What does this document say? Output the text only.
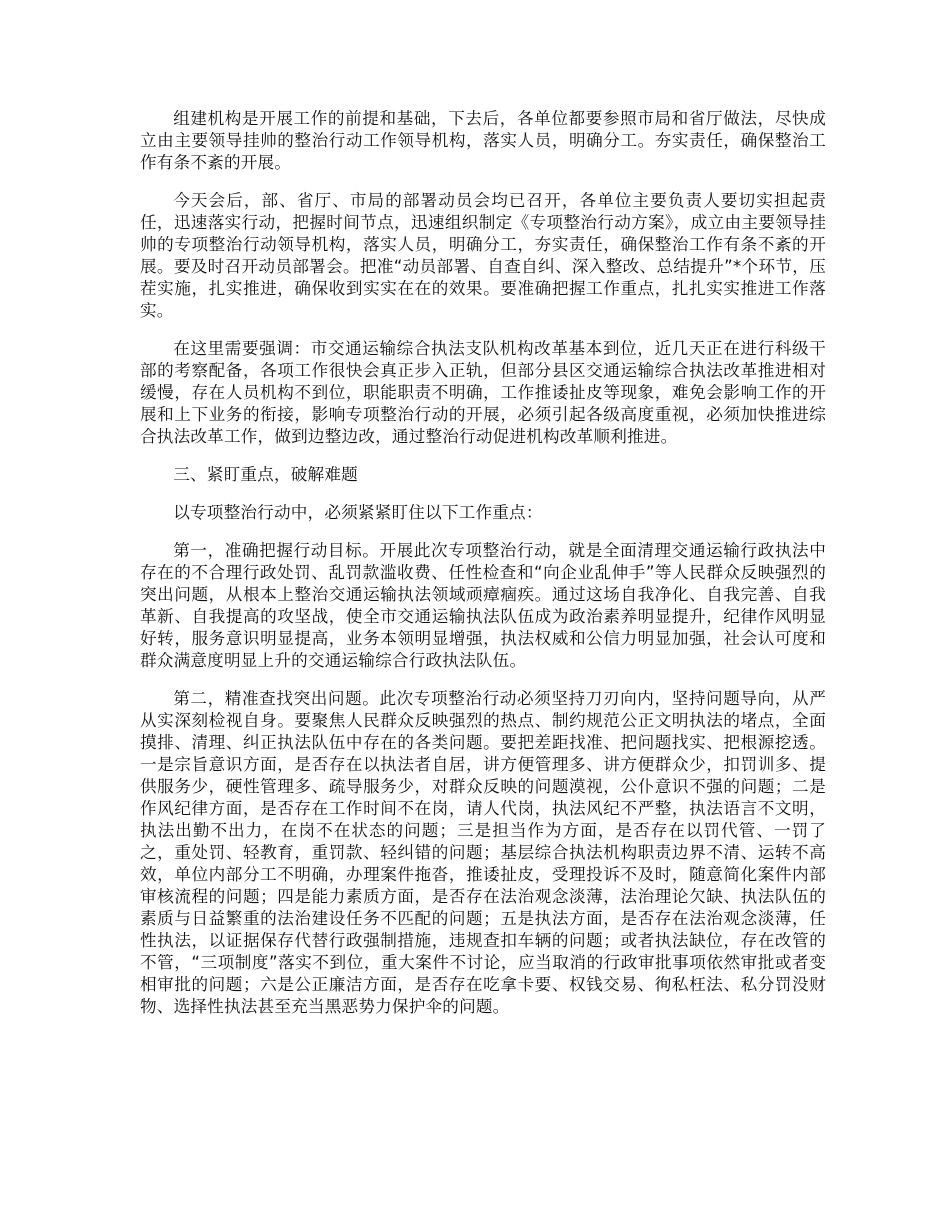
组建机构是开展工作的前提和基础，下去后，各单位都要参照市局和省厅做法，尽快成立由主要领导挂帅的整治行动工作领导机构，落实人员，明确分工。夯实责任，确保整治工作有条不紊的开展。

今天会后，部、省厅、市局的部署动员会均已召开，各单位主要负责人要切实担起责任，迅速落实行动，把握时间节点，迅速组织制定《专项整治行动方案》，成立由主要领导挂帅的专项整治行动领导机构，落实人员，明确分工，夯实责任，确保整治工作有条不紊的开展。要及时召开动员部署会。把准“动员部署、自查自纠、深入整改、总结提升”*个环节，压茬实施，扎实推进，确保收到实实在在的效果。要准确把握工作重点，扎扎实实推进工作落实。

在这里需要强调：市交通运输综合执法支队机构改革基本到位，近几天正在进行科级干部的考察配备，各项工作很快会真正步入正轨，但部分县区交通运输综合执法改革推进相对缓慢，存在人员机构不到位，职能职责不明确，工作推诿扯皮等现象，难免会影响工作的开展和上下业务的衔接，影响专项整治行动的开展，必须引起各级高度重视，必须加快推进综合执法改革工作，做到边整边改，通过整治行动促进机构改革顺利推进。

三、紧盯重点，破解难题

以专项整治行动中，必须紧紧盯住以下工作重点：

第一，准确把握行动目标。开展此次专项整治行动，就是全面清理交通运输行政执法中存在的不合理行政处罚、乱罚款滥收费、任性检查和“向企业乱伸手”等人民群众反映强烈的突出问题，从根本上整治交通运输执法领域顽瘴痼疾。通过这场自我净化、自我完善、自我革新、自我提高的攻坚战，使全市交通运输执法队伍成为政治素养明显提升，纪律作风明显好转，服务意识明显提高，业务本领明显增强，执法权威和公信力明显加强，社会认可度和群众满意度明显上升的交通运输综合行政执法队伍。

第二，精准查找突出问题。此次专项整治行动必须坚持刀刃向内，坚持问题导向，从严从实深刻检视自身。要聚焦人民群众反映强烈的热点、制约规范公正文明执法的堵点，全面摸排、清理、纠正执法队伍中存在的各类问题。要把差距找准、把问题找实、把根源挖透。一是宗旨意识方面，是否存在以执法者自居，讲方便管理多、讲方便群众少，扣罚训多、提供服务少，硬性管理多、疏导服务少，对群众反映的问题漠视，公仆意识不强的问题；二是作风纪律方面，是否存在工作时间不在岗，请人代岗，执法风纪不严整，执法语言不文明，执法出勤不出力，在岗不在状态的问题；三是担当作为方面，是否存在以罚代管、一罚了之，重处罚、轻教育，重罚款、轻纠错的问题；基层综合执法机构职责边界不清、运转不高效，单位内部分工不明确，办理案件拖沓，推诿扯皮，受理投诉不及时，随意简化案件内部审核流程的问题；四是能力素质方面，是否存在法治观念淡薄，法治理论欠缺、执法队伍的素质与日益繁重的法治建设任务不匹配的问题；五是执法方面，是否存在法治观念淡薄，任性执法，以证据保存代替行政强制措施，违规查扣车辆的问题；或者执法缺位，存在改管的不管，“三项制度”落实不到位，重大案件不讨论，应当取消的行政审批事项依然审批或者变相审批的问题；六是公正廉洁方面，是否存在吃拿卡要、权钱交易、徇私枉法、私分罚没财物、选择性执法甚至充当黑恶势力保护伞的问题。
